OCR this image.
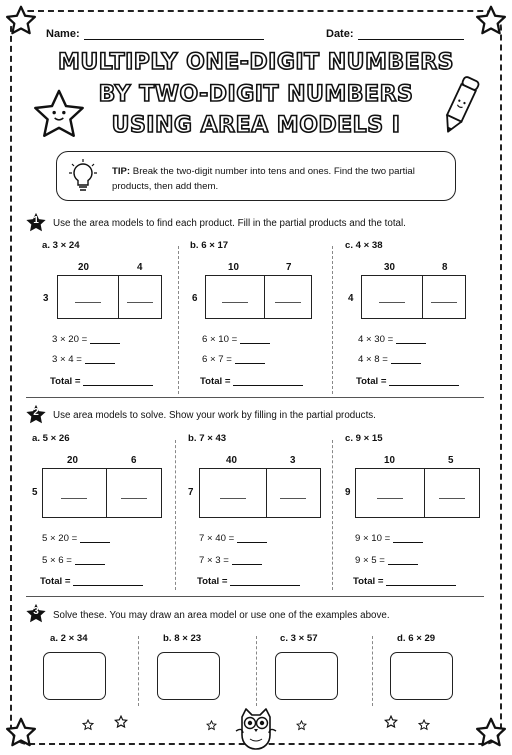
Name:	Date:
MULTIPLY ONE-DIGIT NUMBERS
BY TWO-DIGIT NUMBERS
USING AREA MODELS I
TIP: Break the two-digit number into tens and ones. Find the two partial products, then add them.
1	Use the area models to find each product. Fill in the partial products and the total.
2	Use area models to solve. Show your work by filling in the partial products.
3	Solve these. You may draw an area model or use one of the examples above.
a. 3 × 24
20	4
3
3 × 20 =
3 × 4 =
Total =
b. 6 × 17
10	7
6
6 × 10 =
6 × 7 =
Total =
c. 4 × 38
30	8
4
4 × 30 =
4 × 8 =
Total =
a. 5 × 26
20	6
5
5 × 20 =
5 × 6 =
Total =
b. 7 × 43
40	3
7
7 × 40 =
7 × 3 =
Total =
c. 9 × 15
10	5
9
9 × 10 =
9 × 5 =
Total =
a. 2 × 34	b. 8 × 23	c. 3 × 57	d. 6 × 29
